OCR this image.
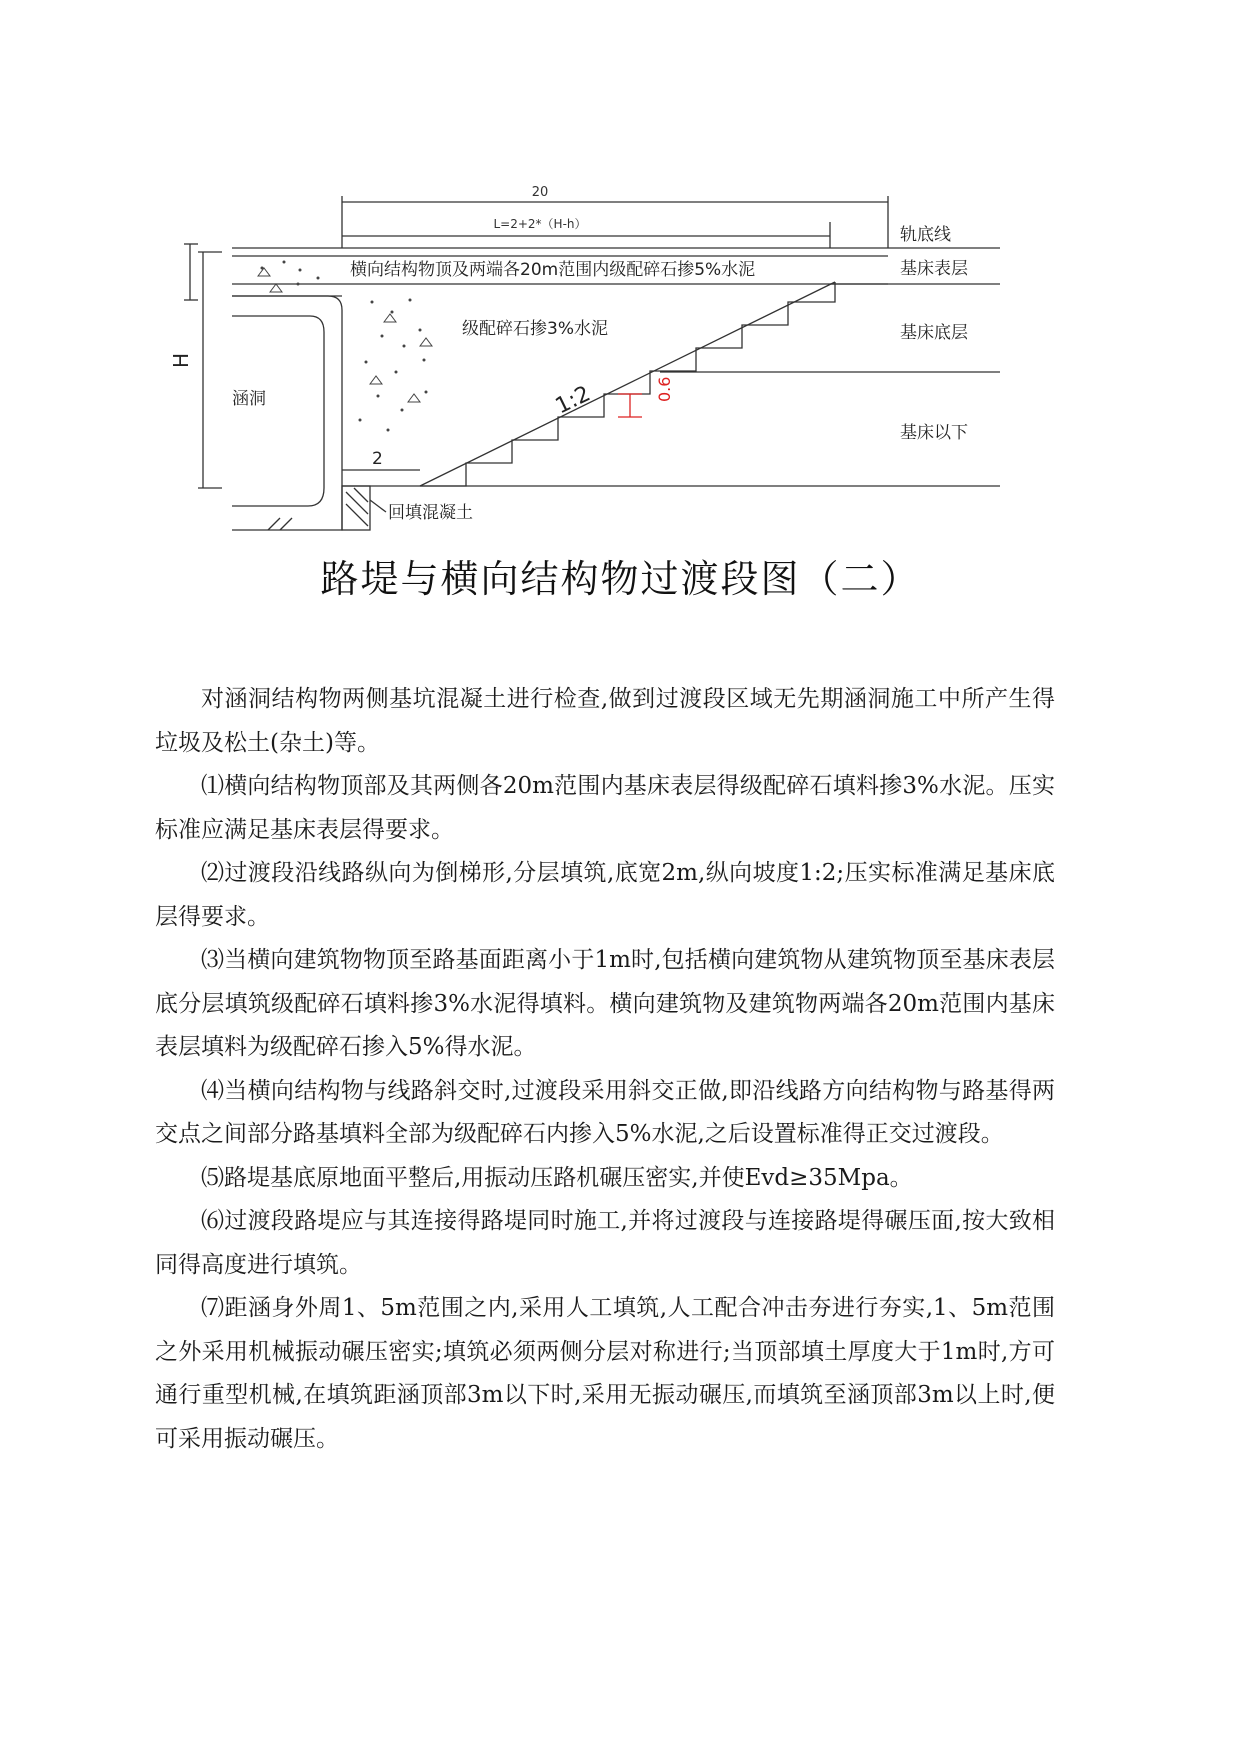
0.6
20
L=2+2*（H-h）
轨底线
基床表层
基床底层
基床以下
横向结构物顶及两端各20m范围内级配碎石掺5%水泥
级配碎石掺3%水泥
涵洞
H
1:2
2
回填混凝土
路堤与横向结构物过渡段图（二）

对涵洞结构物两侧基坑混凝土进行检查,做到过渡段区域无先期涵洞施工中所产生得垃圾及松土(杂土)等。

⑴横向结构物顶部及其两侧各20m范围内基床表层得级配碎石填料掺3%水泥。压实标准应满足基床表层得要求。

⑵过渡段沿线路纵向为倒梯形,分层填筑,底宽2m,纵向坡度1:2;压实标准满足基床底层得要求。

⑶当横向建筑物物顶至路基面距离小于1m时,包括横向建筑物从建筑物顶至基床表层底分层填筑级配碎石填料掺3%水泥得填料。横向建筑物及建筑物两端各20m范围内基床表层填料为级配碎石掺入5%得水泥。

⑷当横向结构物与线路斜交时,过渡段采用斜交正做,即沿线路方向结构物与路基得两交点之间部分路基填料全部为级配碎石内掺入5%水泥,之后设置标准得正交过渡段。

⑸路堤基底原地面平整后,用振动压路机碾压密实,并使Evd≥35Mpa。

⑹过渡段路堤应与其连接得路堤同时施工,并将过渡段与连接路堤得碾压面,按大致相同得高度进行填筑。

⑺距涵身外周1、5m范围之内,采用人工填筑,人工配合冲击夯进行夯实,1、5m范围之外采用机械振动碾压密实;填筑必须两侧分层对称进行;当顶部填土厚度大于1m时,方可通行重型机械,在填筑距涵顶部3m以下时,采用无振动碾压,而填筑至涵顶部3m以上时,便可采用振动碾压。
